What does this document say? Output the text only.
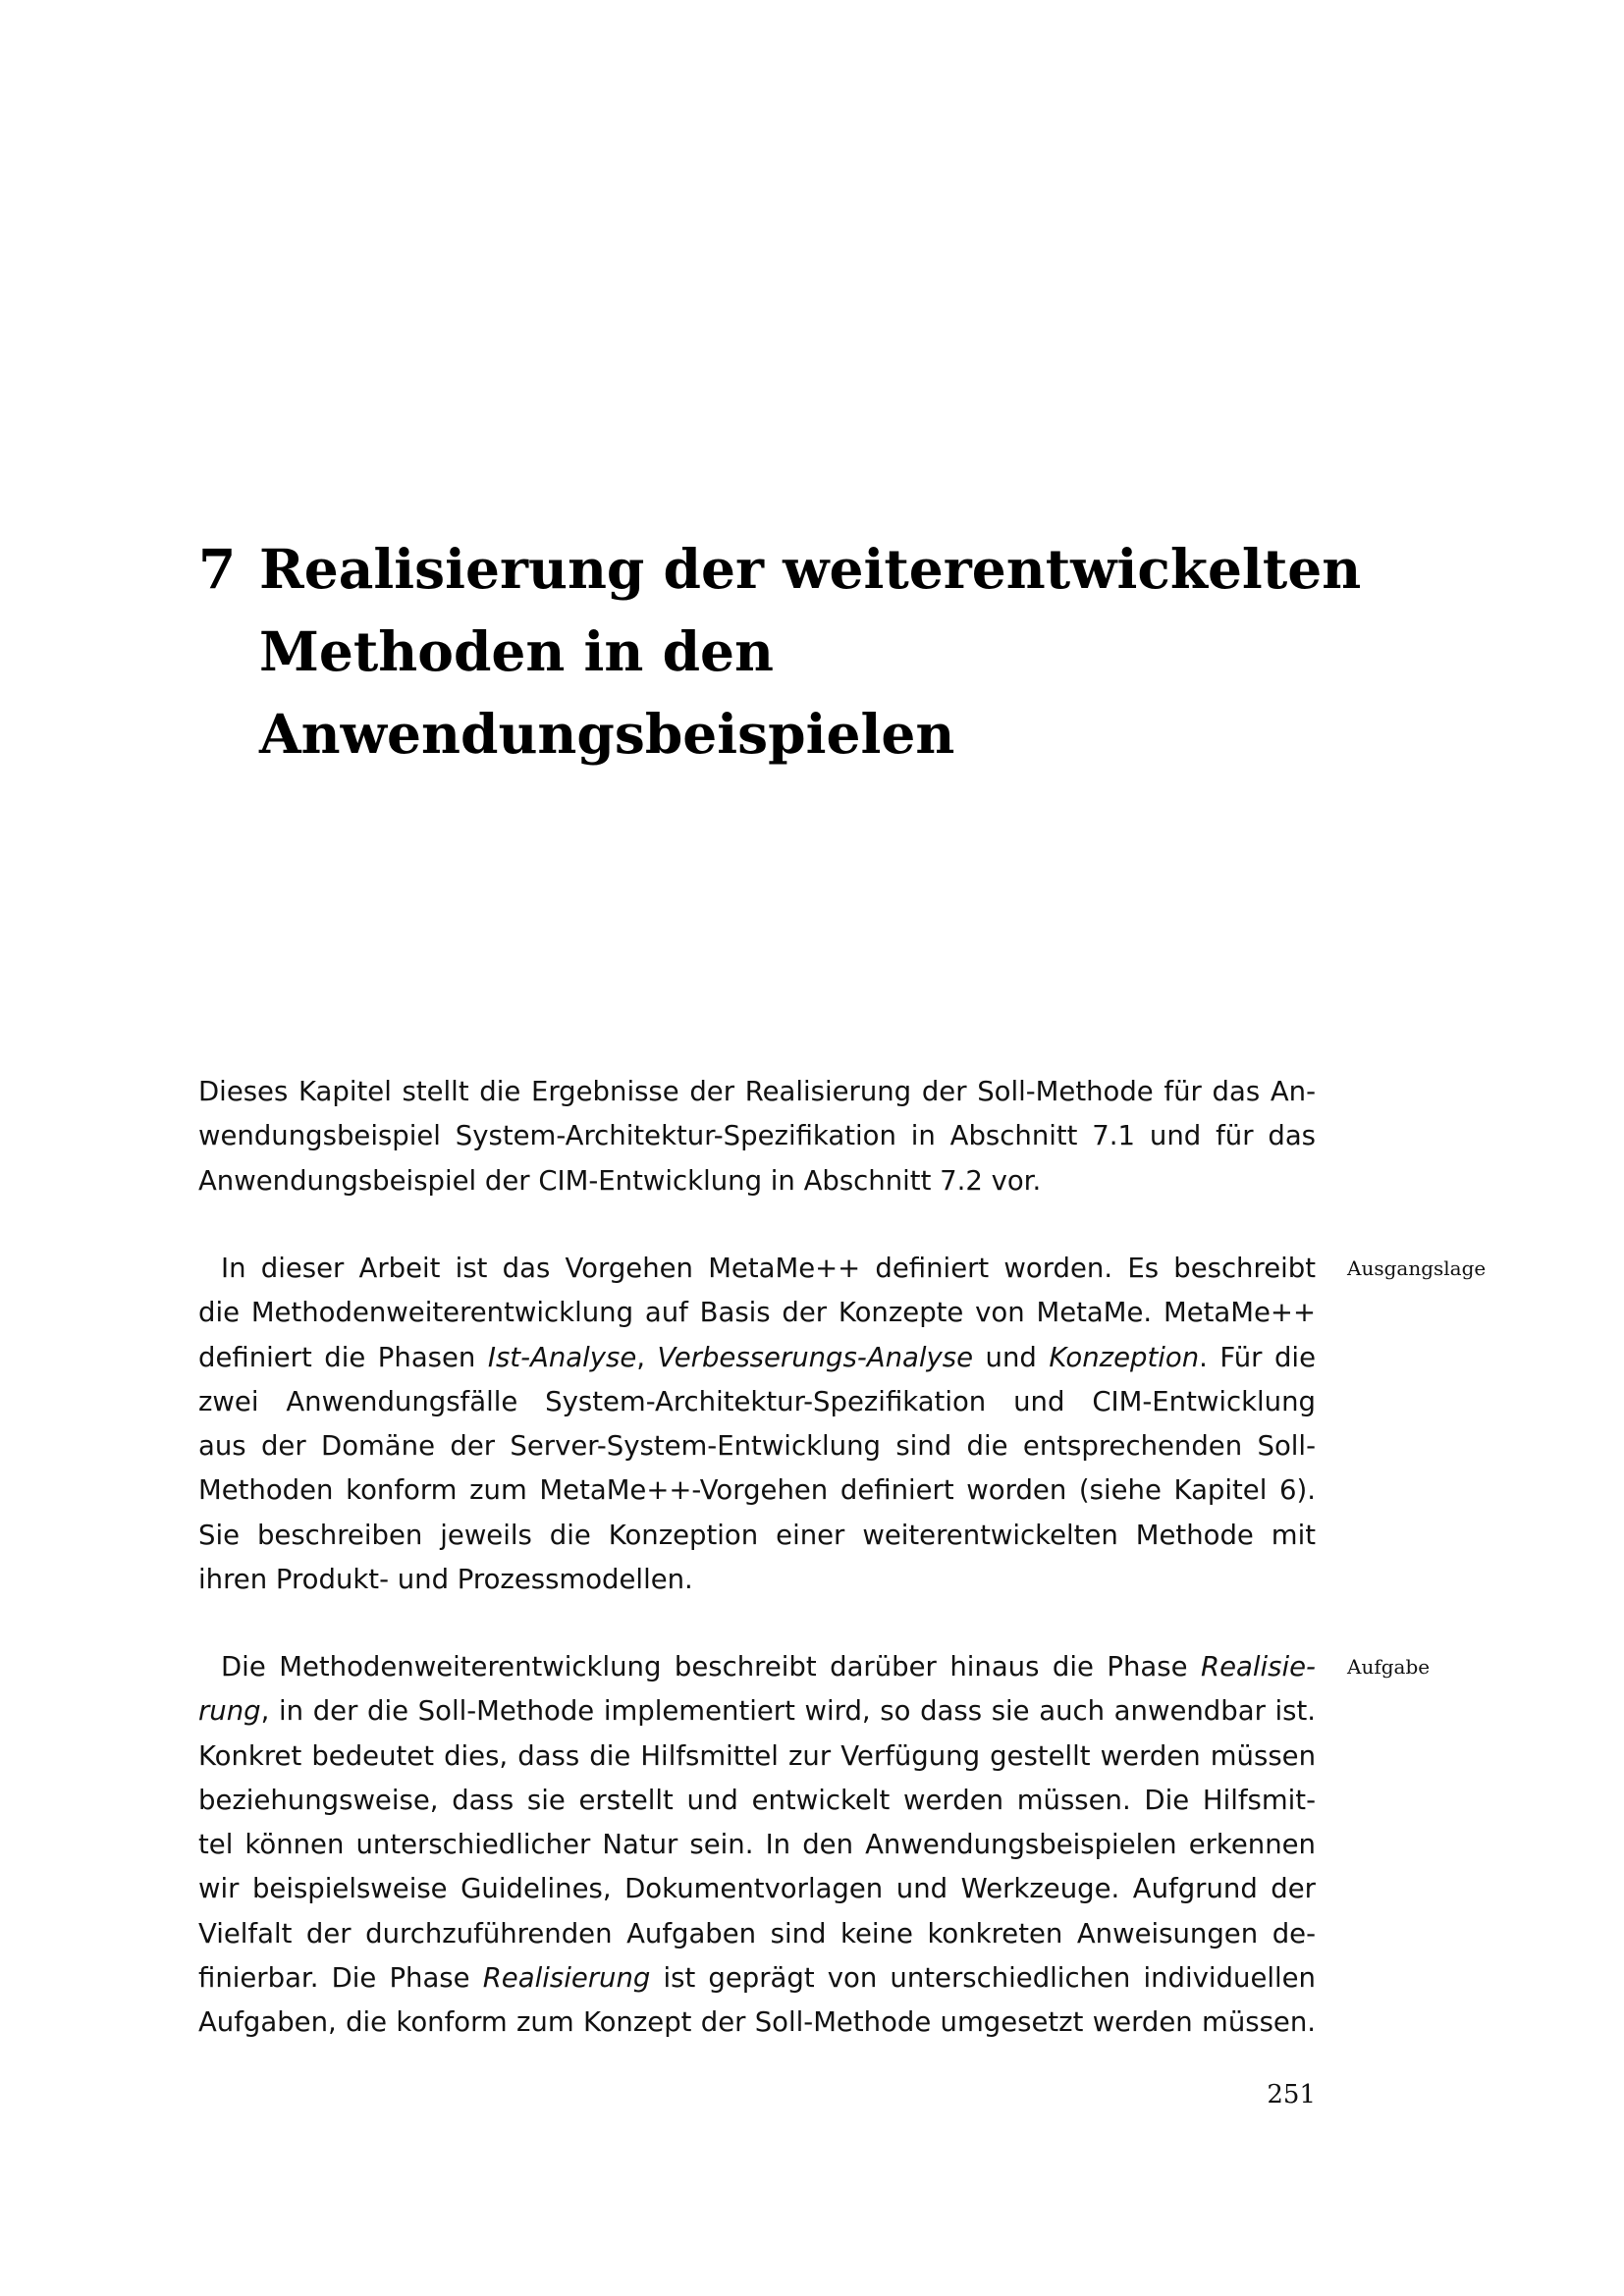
7 Realisierung der weiterentwickelten
Methoden in den
Anwendungsbeispielen
Dieses Kapitel stellt die Ergebnisse der Realisierung der Soll-Methode für das An-
wendungsbeispiel System-Architektur-Spezifikation in Abschnitt 7.1 und für das
Anwendungsbeispiel der CIM-Entwicklung in Abschnitt 7.2 vor.
Ausgangslage
In dieser Arbeit ist das Vorgehen MetaMe++ definiert worden. Es beschreibt
die Methodenweiterentwicklung auf Basis der Konzepte von MetaMe. MetaMe++
definiert die Phasen Ist-Analyse, Verbesserungs-Analyse und Konzeption. Für die
zwei Anwendungsfälle System-Architektur-Spezifikation und CIM-Entwicklung
aus der Domäne der Server-System-Entwicklung sind die entsprechenden Soll-
Methoden konform zum MetaMe++-Vorgehen definiert worden (siehe Kapitel 6).
Sie beschreiben jeweils die Konzeption einer weiterentwickelten Methode mit
ihren Produkt- und Prozessmodellen.
Aufgabe
Die Methodenweiterentwicklung beschreibt darüber hinaus die Phase Realisie-
rung, in der die Soll-Methode implementiert wird, so dass sie auch anwendbar ist.
Konkret bedeutet dies, dass die Hilfsmittel zur Verfügung gestellt werden müssen
beziehungsweise, dass sie erstellt und entwickelt werden müssen. Die Hilfsmit-
tel können unterschiedlicher Natur sein. In den Anwendungsbeispielen erkennen
wir beispielsweise Guidelines, Dokumentvorlagen und Werkzeuge. Aufgrund der
Vielfalt der durchzuführenden Aufgaben sind keine konkreten Anweisungen de-
finierbar. Die Phase Realisierung ist geprägt von unterschiedlichen individuellen
Aufgaben, die konform zum Konzept der Soll-Methode umgesetzt werden müssen.
251
